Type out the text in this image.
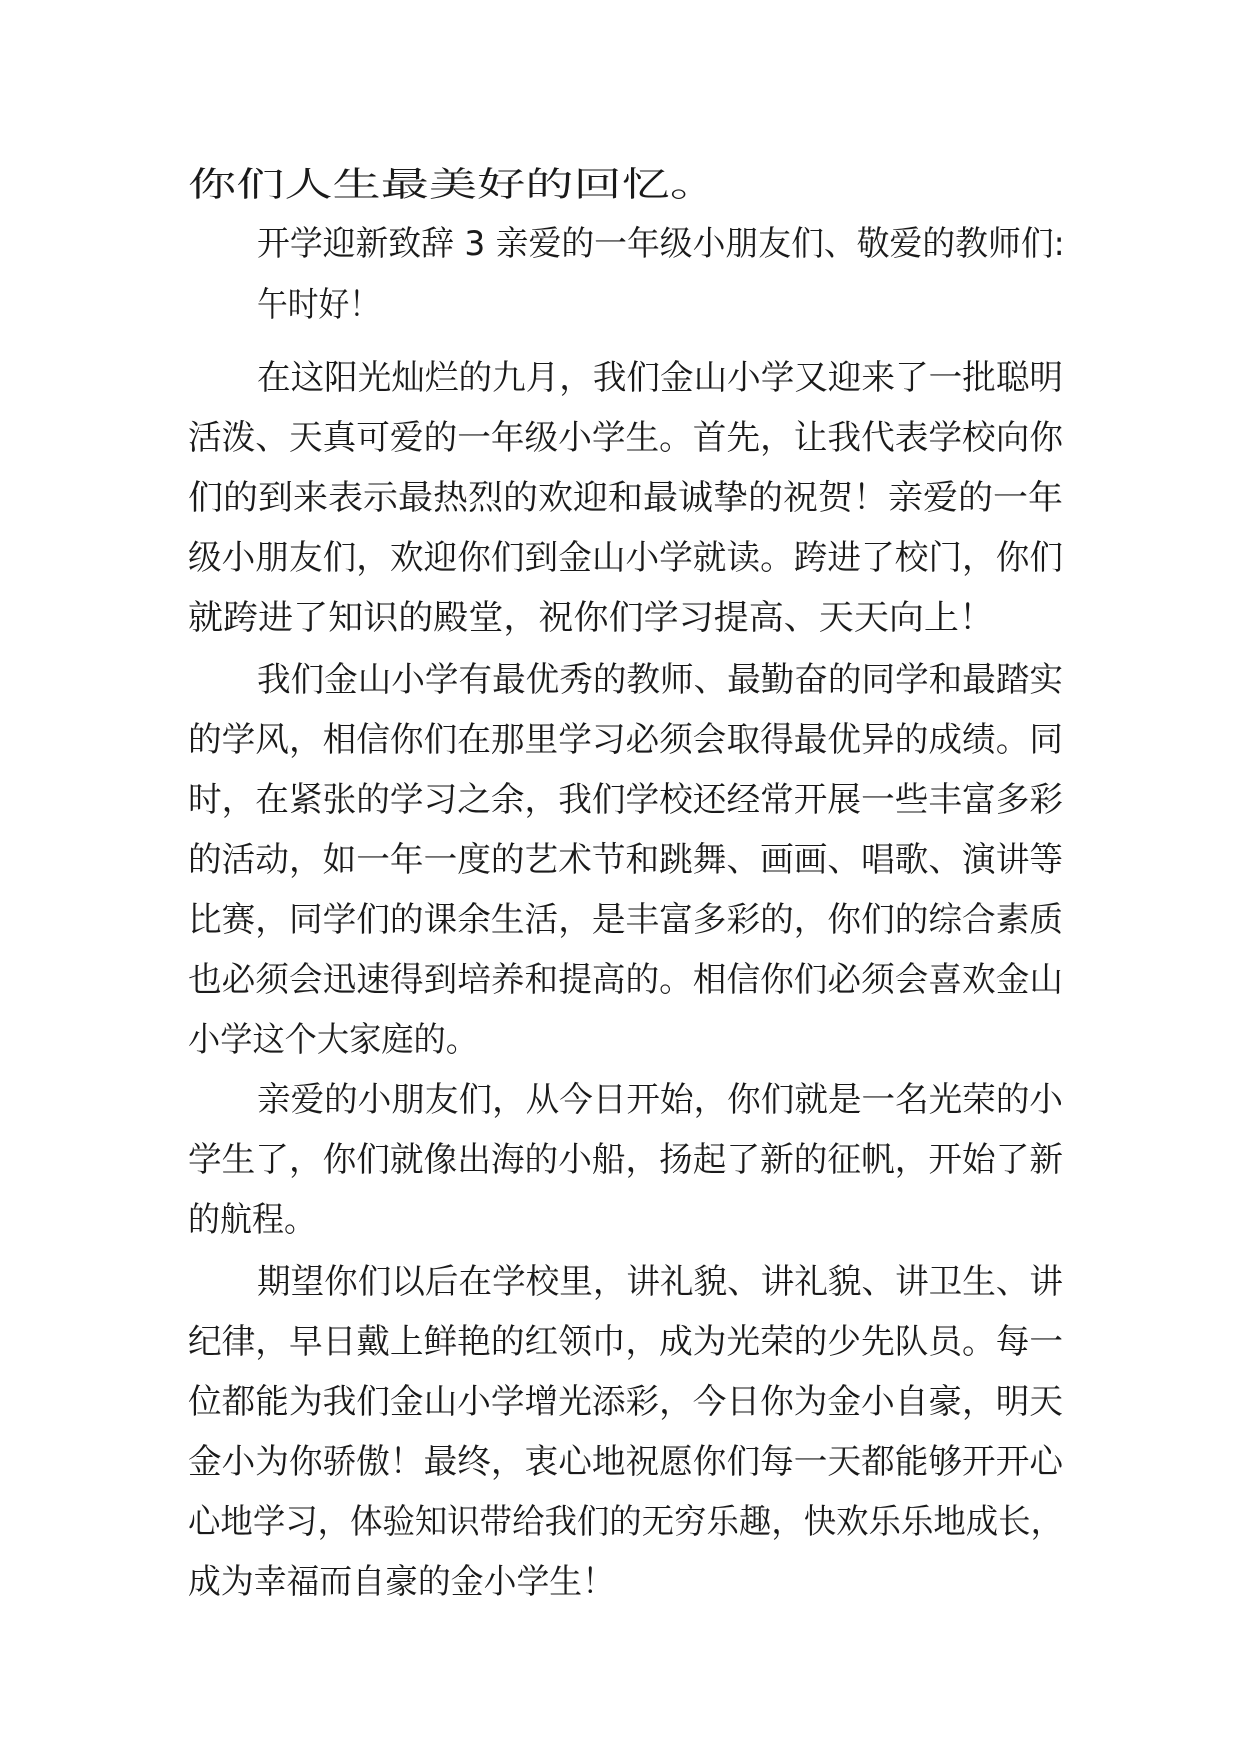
你们人生最美好的回忆。
开学迎新致辞 3 亲爱的一年级小朋友们、敬爱的教师们:
午时好！
在这阳光灿烂的九月，我们金山小学又迎来了一批聪明
活泼、天真可爱的一年级小学生。首先，让我代表学校向你
们的到来表示最热烈的欢迎和最诚挚的祝贺！亲爱的一年
级小朋友们，欢迎你们到金山小学就读。跨进了校门，你们
就跨进了知识的殿堂，祝你们学习提高、天天向上！
我们金山小学有最优秀的教师、最勤奋的同学和最踏实
的学风，相信你们在那里学习必须会取得最优异的成绩。同
时，在紧张的学习之余，我们学校还经常开展一些丰富多彩
的活动，如一年一度的艺术节和跳舞、画画、唱歌、演讲等
比赛，同学们的课余生活，是丰富多彩的，你们的综合素质
也必须会迅速得到培养和提高的。相信你们必须会喜欢金山
小学这个大家庭的。
亲爱的小朋友们，从今日开始，你们就是一名光荣的小
学生了，你们就像出海的小船，扬起了新的征帆，开始了新
的航程。
期望你们以后在学校里，讲礼貌、讲礼貌、讲卫生、讲
纪律，早日戴上鲜艳的红领巾，成为光荣的少先队员。每一
位都能为我们金山小学增光添彩，今日你为金小自豪，明天
金小为你骄傲！最终，衷心地祝愿你们每一天都能够开开心
心地学习，体验知识带给我们的无穷乐趣，快欢乐乐地成长，
成为幸福而自豪的金小学生！
